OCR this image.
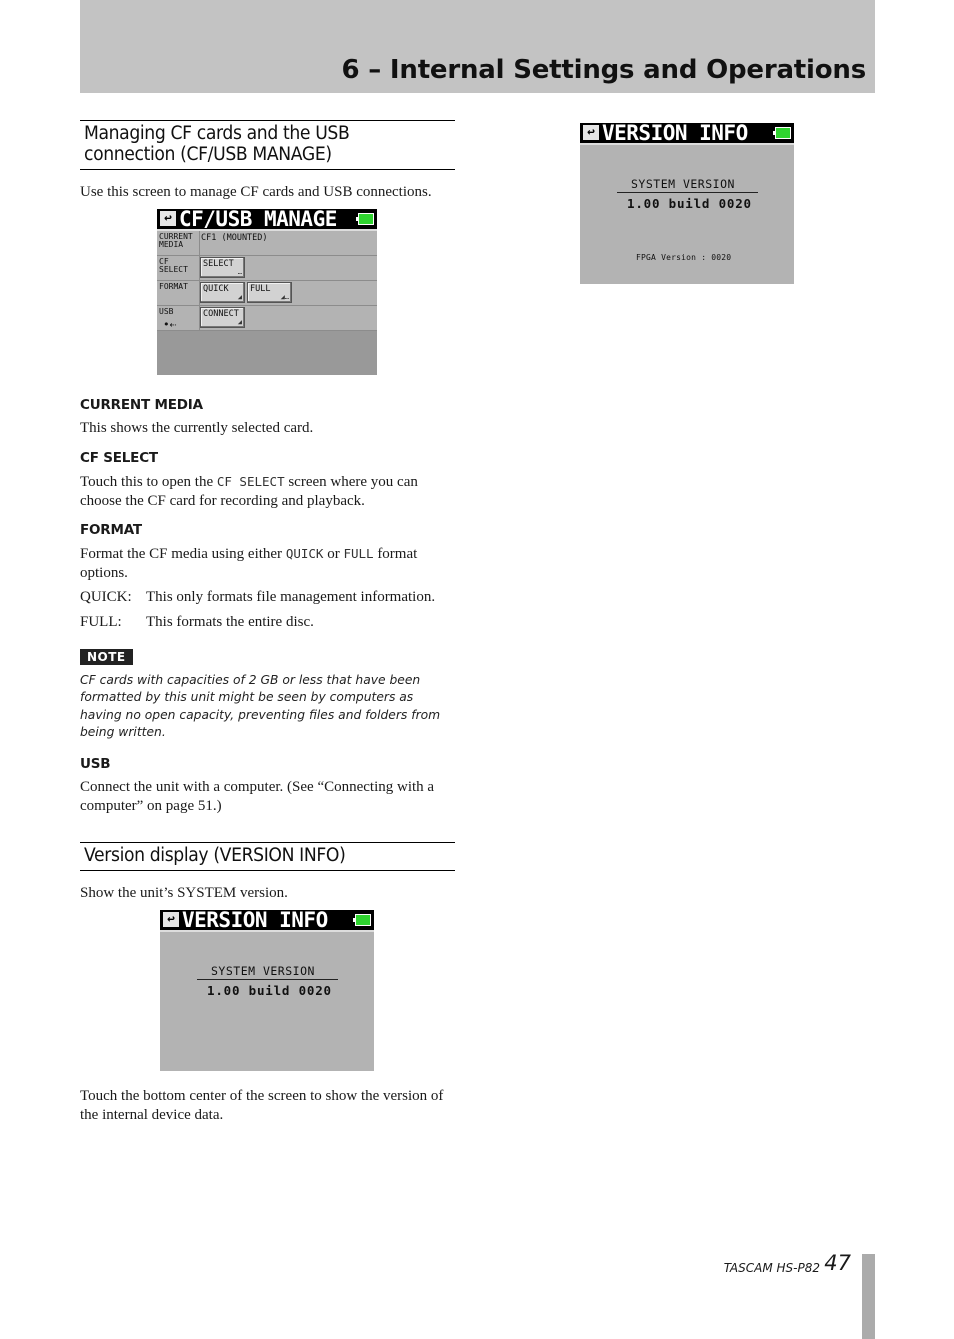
6 – Internal Settings and Operations
Managing CF cards and the USB connection (CF/USB MANAGE)

Use this screen to manage CF cards and USB connections.

↩ CF/USB MANAGE
CURRENT
MEDIA
CF1 (MOUNTED)
CF
SELECT
SELECT
…
FORMAT	QUICK
◢
FULL
◢…
USB
•⇠
CONNECT
◢
CURRENT MEDIA

This shows the currently selected card.

CF SELECT

Touch this to open the CF SELECT screen where you can choose the CF card for recording and playback.

FORMAT

Format the CF media using either QUICK or FULL format options.

QUICK: This only formats file management information.
FULL: This formats the entire disc.
NOTE

CF cards with capacities of 2 GB or less that have been formatted by this unit might be seen by computers as having no open capacity, preventing files and folders from being written.

USB

Connect the unit with a computer. (See “Connecting with a computer” on page 51.)

Version display (VERSION INFO)

Show the unit’s SYSTEM version.

↩ VERSION INFO
SYSTEM VERSION
1.00 build 0020

Touch the bottom center of the screen to show the version of the internal device data.

↩ VERSION INFO
SYSTEM VERSION
1.00 build 0020
FPGA Version : 0020
TASCAM HS-P82 47
